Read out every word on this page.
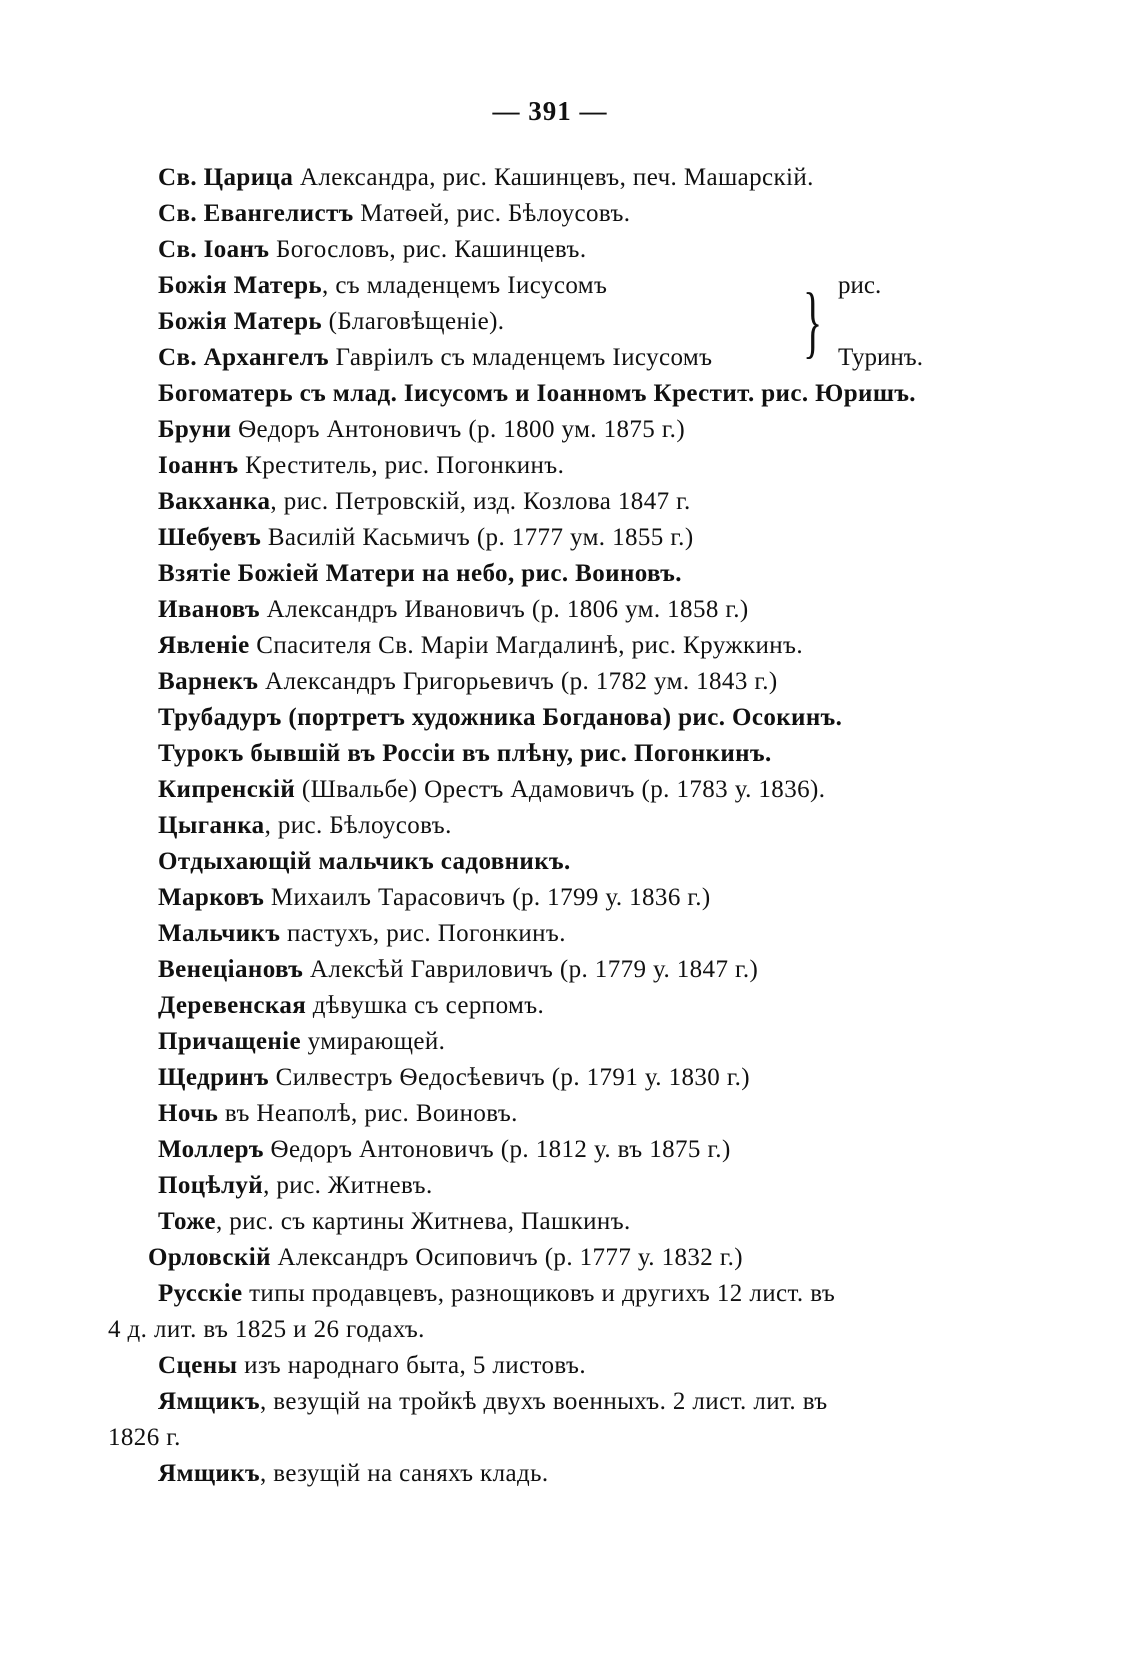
— 391 —
Св. Царица Александра, рис. Кашинцевъ, печ. Машарскій.
Св. Евангелистъ Матѳей, рис. Бѣлоусовъ.
Св. Іоанъ Богословъ, рис. Кашинцевъ.
Божія Матерь, съ младенцемъ Іисусомъ
Божія Матерь (Благовѣщеніе).
Св. Архангелъ Гавріилъ съ младенцемъ Іисусомъ	} рис.
Туринъ.
Богоматерь съ млад. Іисусомъ и Іоанномъ Крестит. рис. Юришъ.
Бруни Ѳедоръ Антоновичъ (р. 1800 ум. 1875 г.)
Іоаннъ Креститель, рис. Погонкинъ.
Вакханка, рис. Петровскій, изд. Козлова 1847 г.
Шебуевъ Василій Касьмичъ (р. 1777 ум. 1855 г.)
Взятіе Божіей Матери на небо, рис. Воиновъ.
Ивановъ Александръ Ивановичъ (р. 1806 ум. 1858 г.)
Явленіе Спасителя Св. Маріи Магдалинѣ, рис. Кружкинъ.
Варнекъ Александръ Григорьевичъ (р. 1782 ум. 1843 г.)
Трубадуръ (портретъ художника Богданова) рис. Осокинъ.
Турокъ бывшій въ Россіи въ плѣну, рис. Погонкинъ.
Кипренскій (Швальбе) Орестъ Адамовичъ (р. 1783 у. 1836).
Цыганка, рис. Бѣлоусовъ.
Отдыхающій мальчикъ садовникъ.
Марковъ Михаилъ Тарасовичъ (р. 1799 у. 1836 г.)
Мальчикъ пастухъ, рис. Погонкинъ.
Венеціановъ Алексѣй Гавриловичъ (р. 1779 у. 1847 г.)
Деревенская дѣвушка съ серпомъ.
Причащеніе умирающей.
Щедринъ Силвестръ Ѳедосѣевичъ (р. 1791 у. 1830 г.)
Ночь въ Неаполѣ, рис. Воиновъ.
Моллеръ Ѳедоръ Антоновичъ (р. 1812 у. въ 1875 г.)
Поцѣлуй, рис. Житневъ.
Тоже, рис. съ картины Житнева, Пашкинъ.
Орловскій Александръ Осиповичъ (р. 1777 у. 1832 г.)
Русскіе типы продавцевъ, разнощиковъ и другихъ 12 лист. въ
4 д. лит. въ 1825 и 26 годахъ.
Сцены изъ народнаго быта, 5 листовъ.
Ямщикъ, везущій на тройкѣ двухъ военныхъ. 2 лист. лит. въ
1826 г.
Ямщикъ, везущій на саняхъ кладь.
